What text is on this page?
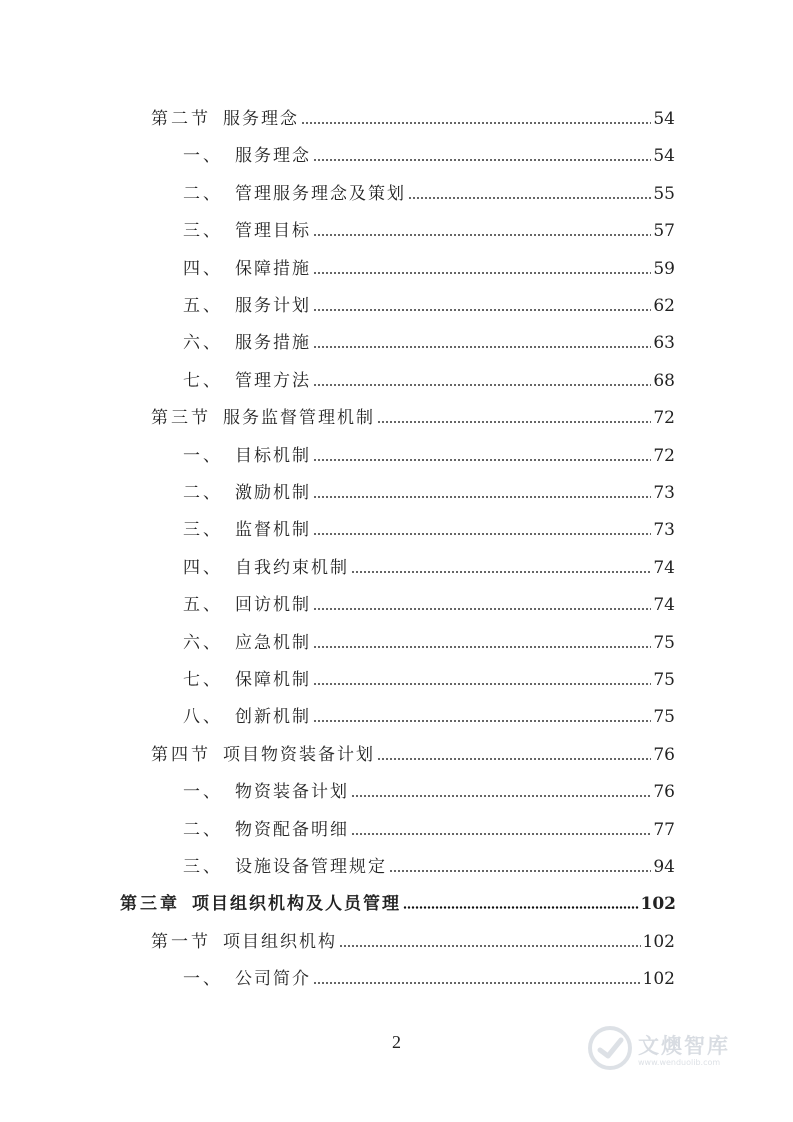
第二节 服务理念	54
一、 服务理念	54
二、 管理服务理念及策划	55
三、 管理目标	57
四、 保障措施	59
五、 服务计划	62
六、 服务措施	63
七、 管理方法	68
第三节 服务监督管理机制	72
一、 目标机制	72
二、 激励机制	73
三、 监督机制	73
四、 自我约束机制	74
五、 回访机制	74
六、 应急机制	75
七、 保障机制	75
八、 创新机制	75
第四节 项目物资装备计划	76
一、 物资装备计划	76
二、 物资配备明细	77
三、 设施设备管理规定	94
第三章 项目组织机构及人员管理	102
第一节 项目组织机构	102
一、 公司简介	102
2	文燠智库
www.wenduolib.com
